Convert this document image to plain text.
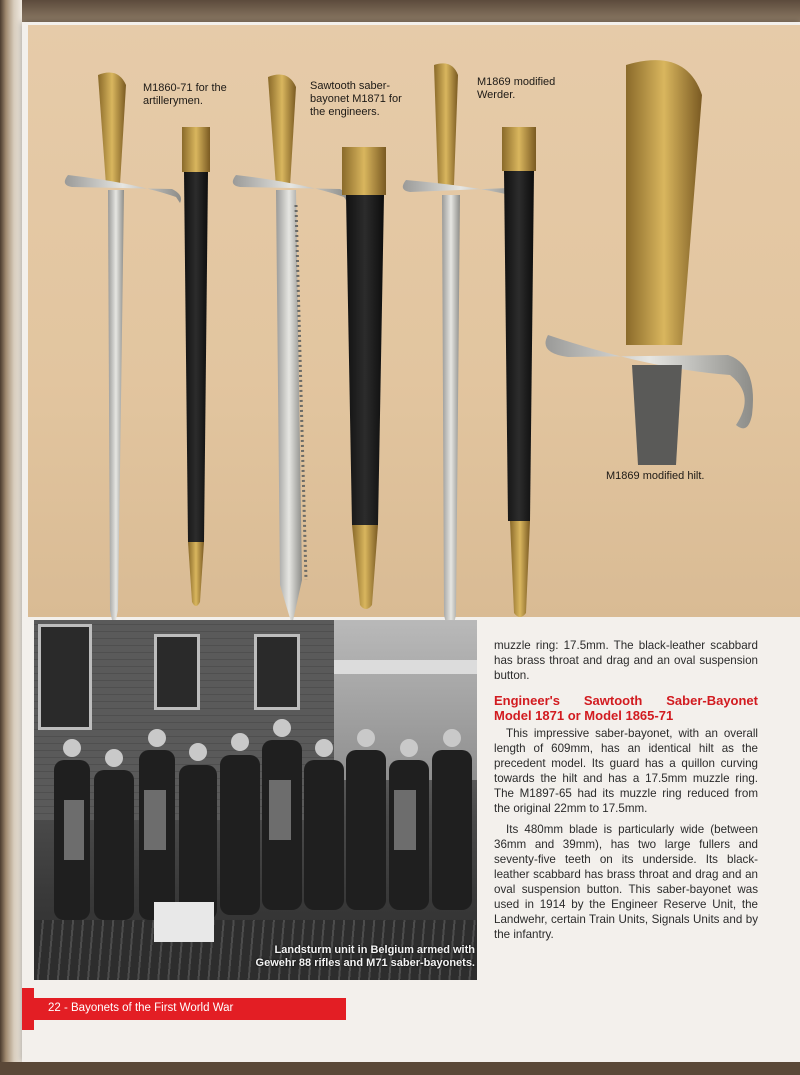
M1860-71 for the artillerymen.
Sawtooth saber-bayonet M1871 for the engineers.
M1869 modified Werder.
M1869 modified hilt.
Landsturm unit in Belgium armed with Gewehr 88 rifles and M71 saber-bayonets.
22 - Bayonets of the First World War

muzzle ring: 17.5mm. The black-leather scabbard has brass throat and drag and an oval suspension button.

Engineer's Sawtooth Saber-Bayonet Model 1871 or Model 1865-71

This impressive saber-bayonet, with an overall length of 609mm, has an identical hilt as the precedent model. Its guard has a quillon curving towards the hilt and has a 17.5mm muzzle ring. The M1897-65 had its muzzle ring reduced from the original 22mm to 17.5mm.

Its 480mm blade is particularly wide (between 36mm and 39mm), has two large fullers and seventy-five teeth on its underside. Its black-leather scabbard has brass throat and drag and an oval suspension button. This saber-bayonet was used in 1914 by the Engineer Reserve Unit, the Landwehr, certain Train Units, Signals Units and by the infantry.
